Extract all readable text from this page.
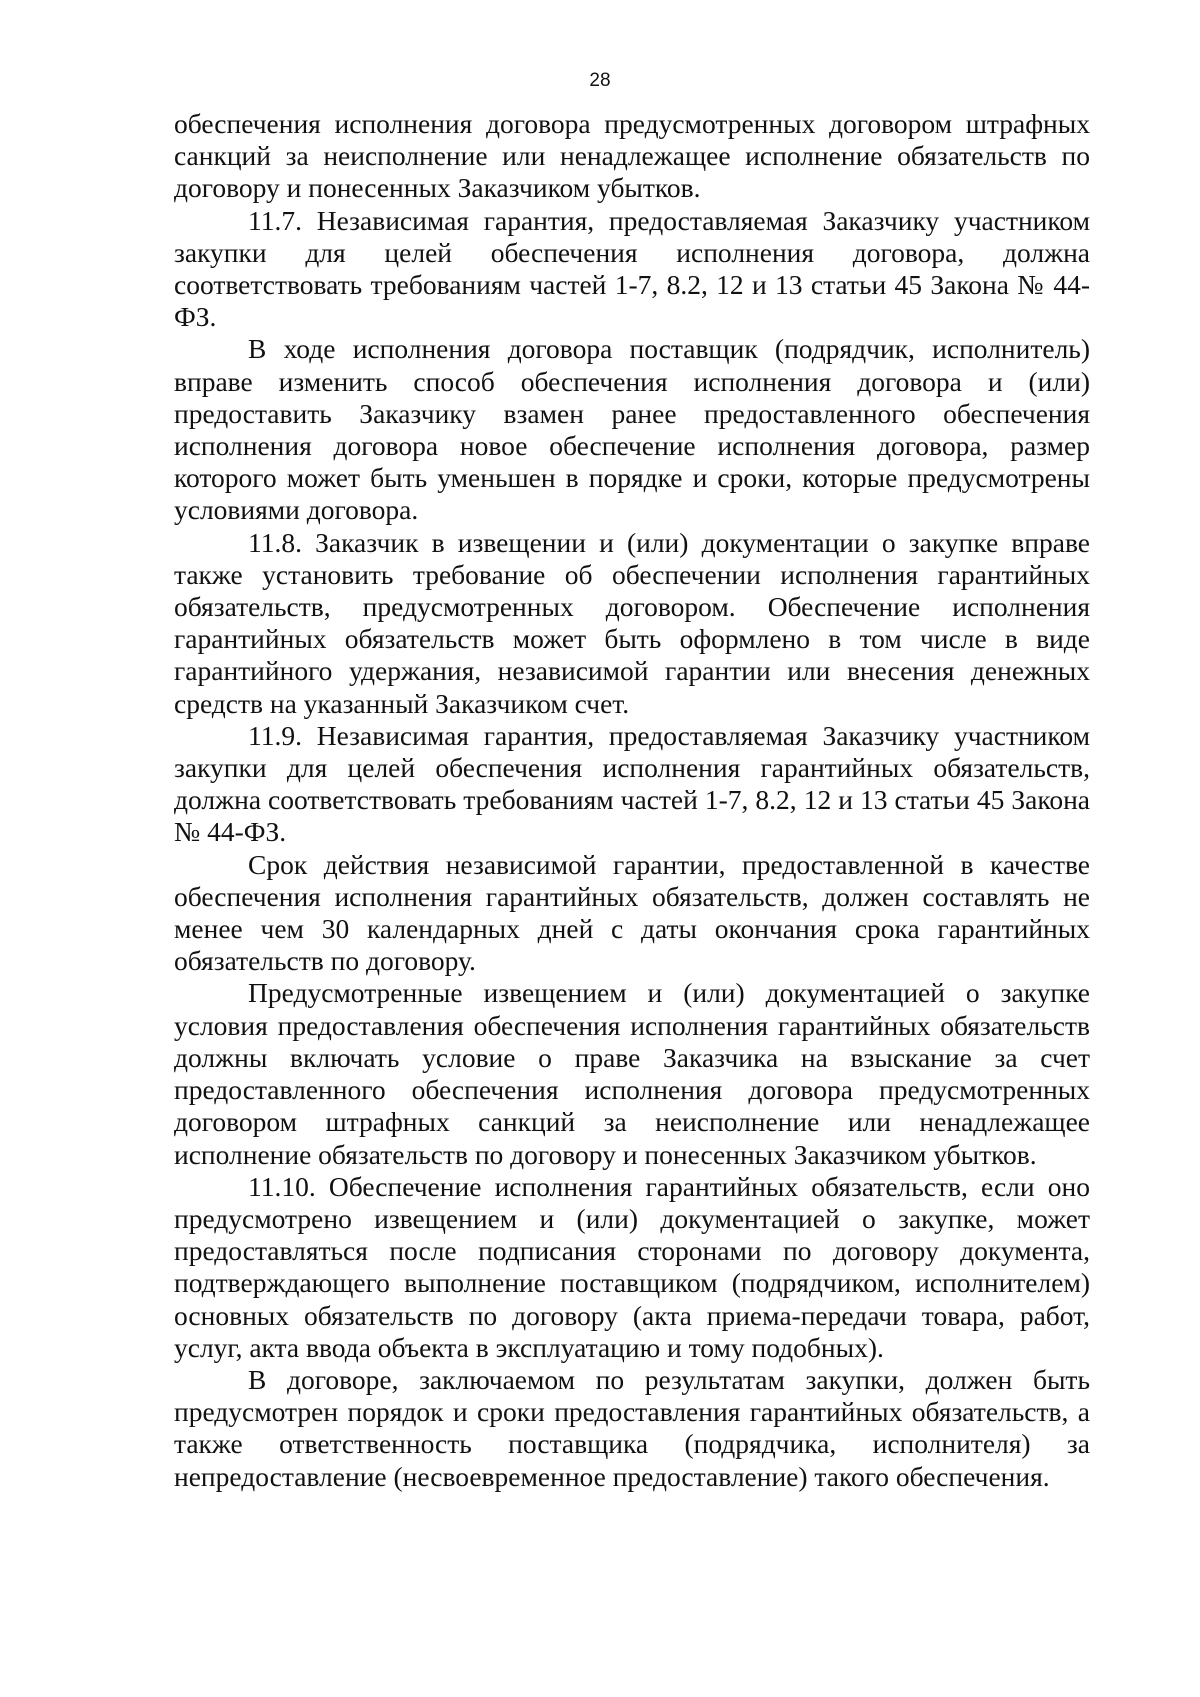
28

обеспечения исполнения договора предусмотренных договором штрафных санкций за неисполнение или ненадлежащее исполнение обязательств по договору и понесенных Заказчиком убытков.

11.7. Независимая гарантия, предоставляемая Заказчику участником закупки для целей обеспечения исполнения договора, должна соответствовать требованиям частей 1-7, 8.2, 12 и 13 статьи 45 Закона № 44-ФЗ.

В ходе исполнения договора поставщик (подрядчик, исполнитель) вправе изменить способ обеспечения исполнения договора и (или) предоставить Заказчику взамен ранее предоставленного обеспечения исполнения договора новое обеспечение исполнения договора, размер которого может быть уменьшен в порядке и сроки, которые предусмотрены условиями договора.

11.8. Заказчик в извещении и (или) документации о закупке вправе также установить требование об обеспечении исполнения гарантийных обязательств, предусмотренных договором. Обеспечение исполнения гарантийных обязательств может быть оформлено в том числе в виде гарантийного удержания, независимой гарантии или внесения денежных средств на указанный Заказчиком счет.

11.9. Независимая гарантия, предоставляемая Заказчику участником закупки для целей обеспечения исполнения гарантийных обязательств, должна соответствовать требованиям частей 1-7, 8.2, 12 и 13 статьи 45 Закона № 44-ФЗ.

Срок действия независимой гарантии, предоставленной в качестве обеспечения исполнения гарантийных обязательств, должен составлять не менее чем 30 календарных дней с даты окончания срока гарантийных обязательств по договору.

Предусмотренные извещением и (или) документацией о закупке условия предоставления обеспечения исполнения гарантийных обязательств должны включать условие о праве Заказчика на взыскание за счет предоставленного обеспечения исполнения договора предусмотренных договором штрафных санкций за неисполнение или ненадлежащее исполнение обязательств по договору и понесенных Заказчиком убытков.

11.10. Обеспечение исполнения гарантийных обязательств, если оно предусмотрено извещением и (или) документацией о закупке, может предоставляться после подписания сторонами по договору документа, подтверждающего выполнение поставщиком (подрядчиком, исполнителем) основных обязательств по договору (акта приема-передачи товара, работ, услуг, акта ввода объекта в эксплуатацию и тому подобных).

В договоре, заключаемом по результатам закупки, должен быть предусмотрен порядок и сроки предоставления гарантийных обязательств, а также ответственность поставщика (подрядчика, исполнителя) за непредоставление (несвоевременное предоставление) такого обеспечения.
